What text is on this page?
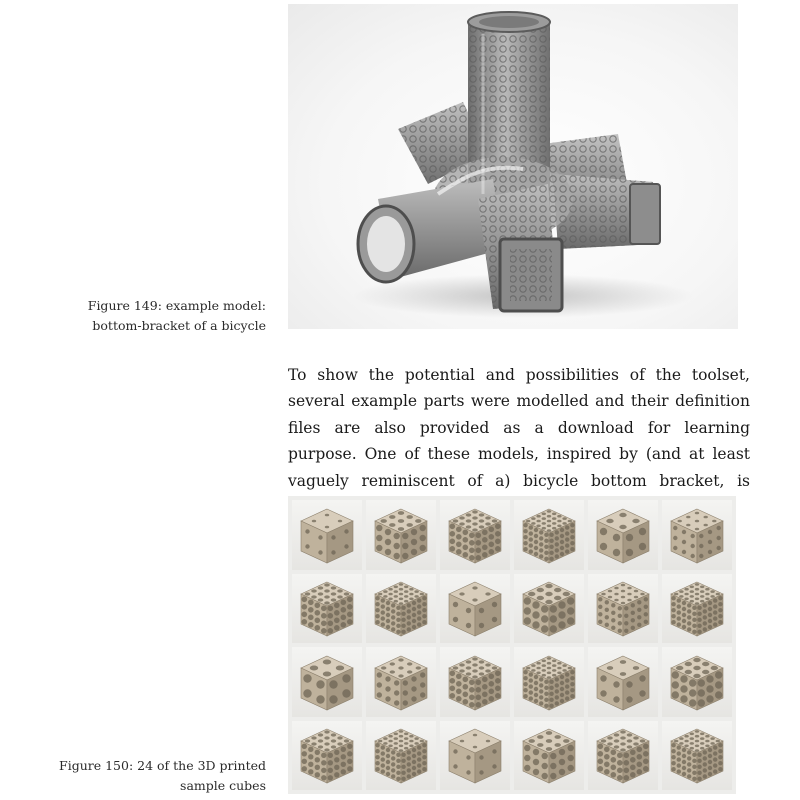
Figure 149: example model:
bottom-bracket of a bicycle

To show the potential and possibilities of the toolset, several example parts were modelled and their definition files are also provided as a download for learning purpose. One of these models, inspired by (and at least vaguely reminiscent of a) bicycle bottom bracket, is

Figure 150: 24 of the 3D printed
sample cubes
